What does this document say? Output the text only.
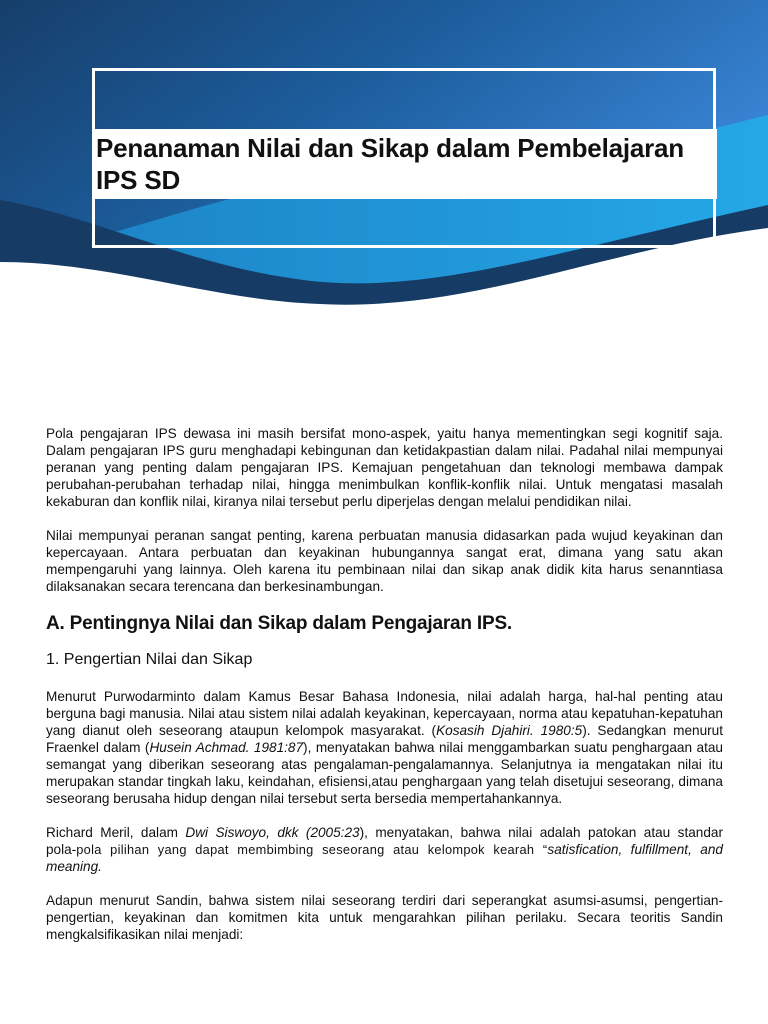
Penanaman Nilai dan Sikap dalam Pembelajaran IPS SD

Pola pengajaran IPS dewasa ini masih bersifat mono-aspek, yaitu hanya mementingkan segi kognitif saja. Dalam pengajaran IPS guru menghadapi kebingunan dan ketidakpastian dalam nilai. Padahal nilai mempunyai peranan yang penting dalam pengajaran IPS. Kemajuan pengetahuan dan teknologi membawa dampak perubahan-perubahan terhadap nilai, hingga menimbulkan konflik-konflik nilai. Untuk mengatasi masalah kekaburan dan konflik nilai, kiranya nilai tersebut perlu diperjelas dengan melalui pendidikan nilai.

Nilai mempunyai peranan sangat penting, karena perbuatan manusia didasarkan pada wujud keyakinan dan kepercayaan. Antara perbuatan dan keyakinan hubungannya sangat erat, dimana yang satu akan mempengaruhi yang lainnya. Oleh karena itu pembinaan nilai dan sikap anak didik kita harus senanntiasa dilaksanakan secara terencana dan berkesinambungan.

A. Pentingnya Nilai dan Sikap dalam Pengajaran IPS.
1. Pengertian Nilai dan Sikap

Menurut Purwodarminto dalam Kamus Besar Bahasa Indonesia, nilai adalah harga, hal-hal penting atau berguna bagi manusia. Nilai atau sistem nilai adalah keyakinan, kepercayaan, norma atau kepatuhan-kepatuhan yang dianut oleh seseorang ataupun kelompok masyarakat. (Kosasih Djahiri. 1980:5). Sedangkan menurut Fraenkel dalam (Husein Achmad. 1981:87), menyatakan bahwa nilai menggambarkan suatu penghargaan atau semangat yang diberikan seseorang atas pengalaman-pengalamannya. Selanjutnya ia mengatakan nilai itu merupakan standar tingkah laku, keindahan, efisiensi,atau penghargaan yang telah disetujui seseorang, dimana seseorang berusaha hidup dengan nilai tersebut serta bersedia mempertahankannya.

Richard Meril, dalam Dwi Siswoyo, dkk (2005:23), menyatakan, bahwa nilai adalah patokan atau standar

pola-pola pilihan yang dapat membimbing seseorang atau kelompok kearah “satisfication, fulfillment, and

meaning.

Adapun menurut Sandin, bahwa sistem nilai seseorang terdiri dari seperangkat asumsi-asumsi, pengertian-pengertian, keyakinan dan komitmen kita untuk mengarahkan pilihan perilaku. Secara teoritis Sandin mengkalsifikasikan nilai menjadi:
